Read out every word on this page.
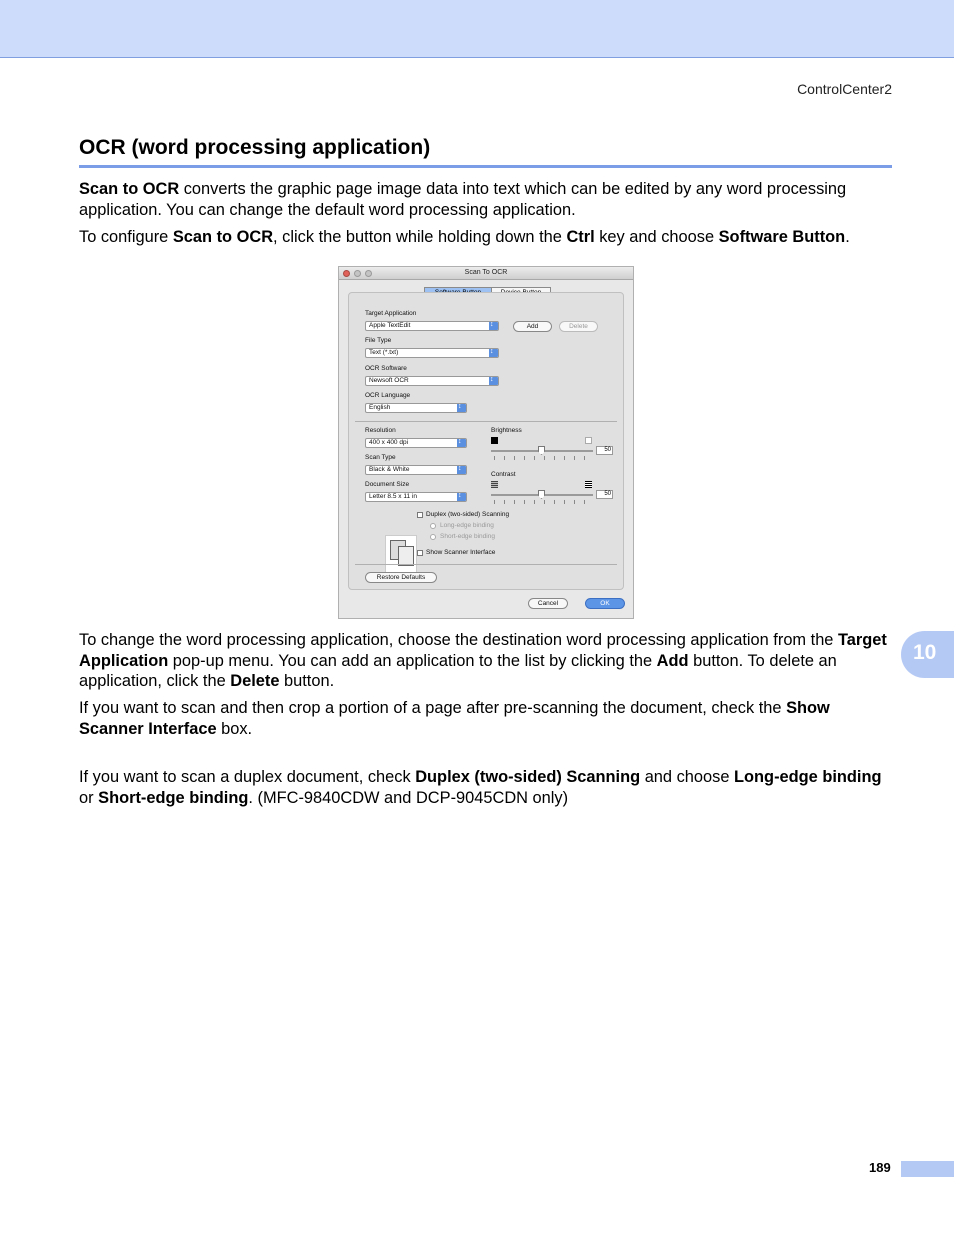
ControlCenter2
OCR (word processing application)

Scan to OCR converts the graphic page image data into text which can be edited by any word processing application. You can change the default word processing application.

To configure Scan to OCR, click the button while holding down the Ctrl key and choose Software Button.

Scan To OCR
Target Application
Apple TextEdit
↕	Add	Delete
File Type
Text (*.txt)
↕
OCR Software
Newsoft OCR
↕
OCR Language
English
↕
Resolution
400 x 400 dpi
↕
Scan Type
Black & White
↕
Document Size
Letter 8.5 x 11 in
↕
Brightness
50
Contrast
50
Duplex (two-sided) Scanning
Long-edge binding
Short-edge binding
Show Scanner Interface
Restore Defaults
Cancel	OK

To change the word processing application, choose the destination word processing application from the Target Application pop-up menu. You can add an application to the list by clicking the Add button. To delete an application, click the Delete button.

If you want to scan and then crop a portion of a page after pre-scanning the document, check the Show Scanner Interface box.

If you want to scan a duplex document, check Duplex (two-sided) Scanning and choose Long-edge binding or Short-edge binding. (MFC-9840CDW and DCP-9045CDN only)

10
189
